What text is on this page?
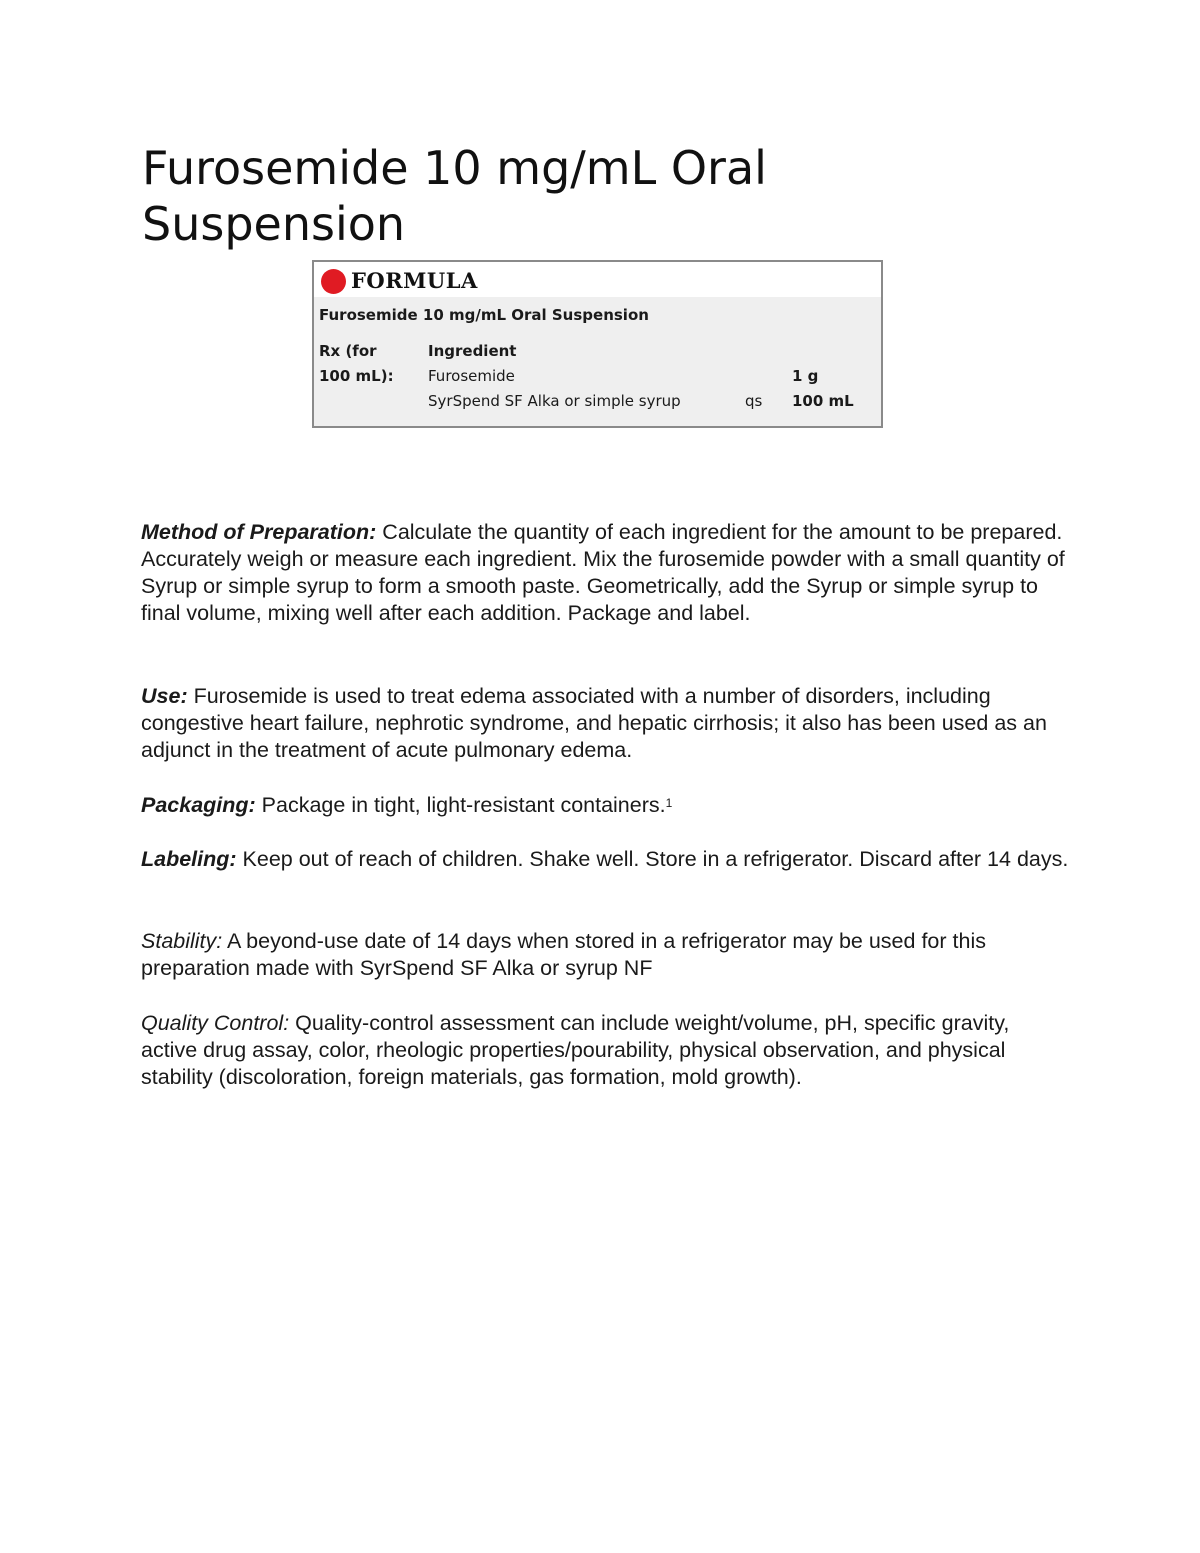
Furosemide 10 mg/mL Oral Suspension
FORMULA
Furosemide 10 mg/mL Oral Suspension
Rx (for
100 mL):
Ingredient
Furosemide	1 g
SyrSpend SF Alka or simple syrup	qs 100 mL

Method of Preparation: Calculate the quantity of each ingredient for the amount to be prepared. Accurately weigh or measure each ingredient. Mix the furosemide powder with a small quantity of Syrup or simple syrup to form a smooth paste. Geometrically, add the Syrup or simple syrup to final volume, mixing well after each addition. Package and label.

Use: Furosemide is used to treat edema associated with a number of disorders, including congestive heart failure, nephrotic syndrome, and hepatic cirrhosis; it also has been used as an adjunct in the treatment of acute pulmonary edema.

Packaging: Package in tight, light-resistant containers.$^1$

Labeling: Keep out of reach of children. Shake well. Store in a refrigerator. Discard after 14 days.

Stability: A beyond-use date of 14 days when stored in a refrigerator may be used for this preparation made with SyrSpend SF Alka or syrup NF

Quality Control: Quality-control assessment can include weight/volume, pH, specific gravity, active drug assay, color, rheologic properties/pourability, physical observation, and physical stability (discoloration, foreign materials, gas formation, mold growth).
